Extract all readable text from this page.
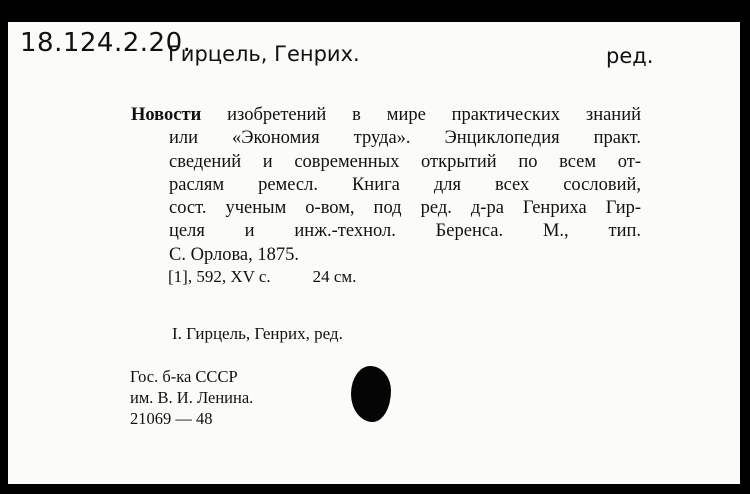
18.124.2.20.
Гирцель, Генрих.	ред.
Новости изобретений в мире практических знаний
или «Экономия труда». Энциклопедия практ.
сведений и современных открытий по всем от-
раслям ремесл. Книга для всех сословий,
сост. ученым о-вом, под ред. д-ра Генриха Гир-
целя и инж.-технол. Беренса. М., тип.
С. Орлова, 1875.
[1], 592, XV с. 24 см.
I. Гирцель, Генрих, ред.
Гос. б-ка СССР
им. В. И. Ленина.
21069 — 48
